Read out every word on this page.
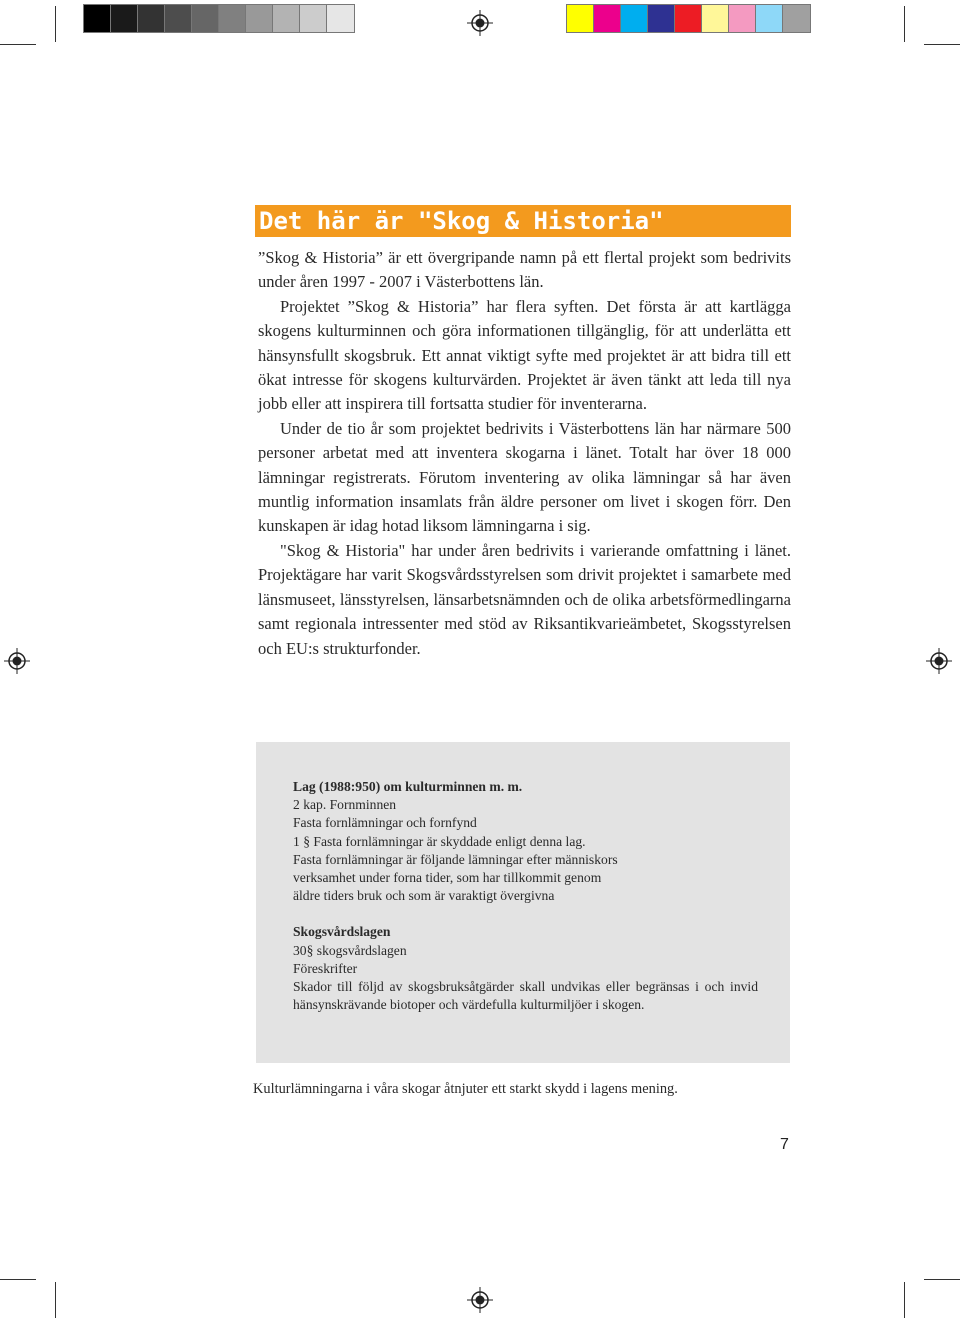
Det här är "Skog & Historia"

”Skog & Historia” är ett övergripande namn på ett flertal projekt som bedrivits under åren 1997 - 2007 i Västerbottens län.

Projektet ”Skog & Historia” har flera syften. Det första är att kartlägga skogens kulturminnen och göra informationen tillgänglig, för att underlätta ett hänsynsfullt skogsbruk. Ett annat viktigt syfte med projektet är att bidra till ett ökat intresse för skogens kulturvärden. Projektet är även tänkt att leda till nya jobb eller att inspirera till fortsatta studier för inventerarna.

Under de tio år som projektet bedrivits i Västerbottens län har närmare 500 personer arbetat med att inventera skogarna i länet. Totalt har över 18 000 lämningar registrerats. Förutom inventering av olika lämningar så har även muntlig information insamlats från äldre personer om livet i skogen förr. Den kunskapen är idag hotad liksom lämningarna i sig.

"Skog & Historia" har under åren bedrivits i varierande omfattning i länet. Projektägare har varit Skogsvårdsstyrelsen som drivit projektet i samarbete med länsmuseet, länsstyrelsen, länsarbetsnämnden och de olika arbetsförmedlingarna samt regionala intressenter med stöd av Riksantikvarieämbetet, Skogsstyrelsen och EU:s strukturfonder.

Lag (1988:950) om kulturminnen m. m.
2 kap. Fornminnen
Fasta fornlämningar och fornfynd
1 § Fasta fornlämningar är skyddade enligt denna lag.
Fasta fornlämningar är följande lämningar efter människors
verksamhet under forna tider, som har tillkommit genom
äldre tiders bruk och som är varaktigt övergivna
Skogsvårdslagen
30§ skogsvårdslagen
Föreskrifter
Skador till följd av skogsbruksåtgärder skall undvikas eller begränsas i och invid hänsynskrävande biotoper och värdefulla kulturmiljöer i skogen.
Kulturlämningarna i våra skogar åtnjuter ett starkt skydd i lagens mening.
7
